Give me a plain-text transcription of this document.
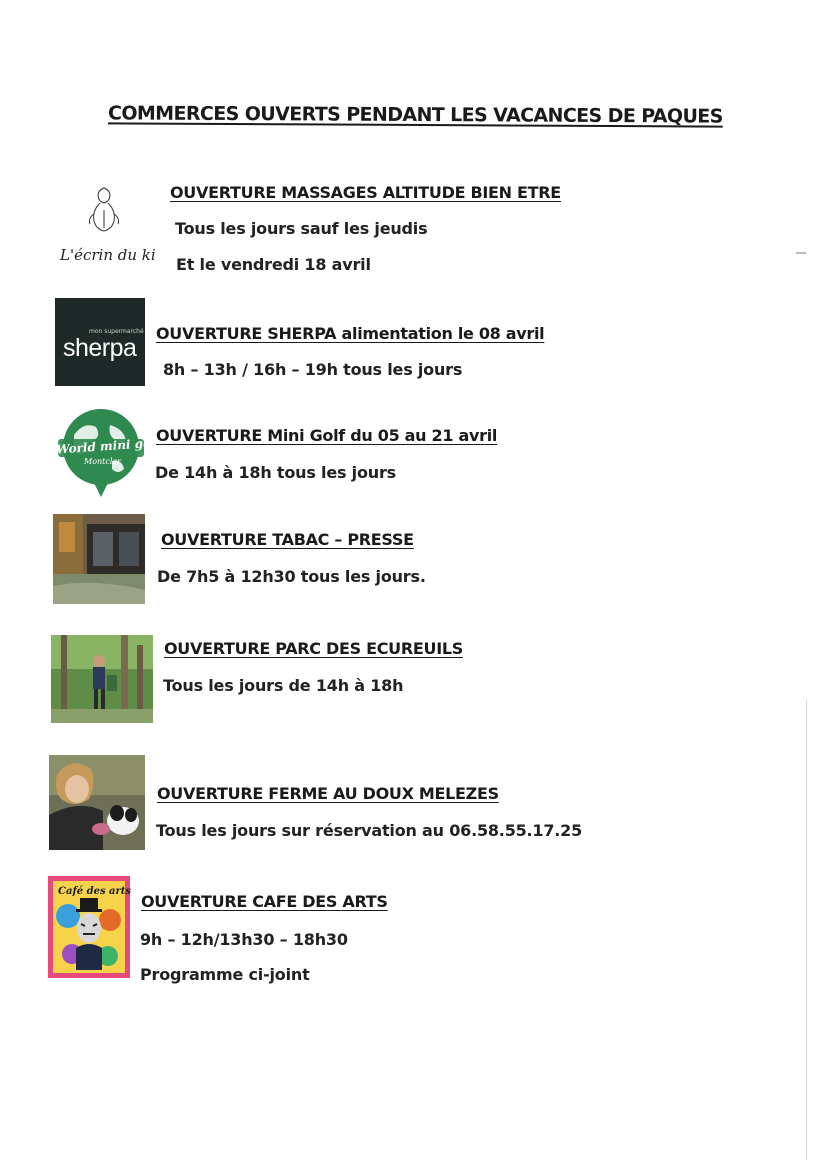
COMMERCES OUVERTS PENDANT LES VACANCES DE PAQUES
L'écrin du ki
OUVERTURE MASSAGES ALTITUDE BIEN ETRE
Tous les jours sauf les jeudis
Et le vendredi 18 avril
mon supermarché
sherpa
OUVERTURE SHERPA alimentation le 08 avril
8h – 13h / 16h – 19h tous les jours
World mini golf
Montclar
OUVERTURE Mini Golf du 05 au 21 avril
De 14h à 18h tous les jours
OUVERTURE TABAC – PRESSE
De 7h5 à 12h30 tous les jours.
OUVERTURE PARC DES ECUREUILS
Tous les jours de 14h à 18h
OUVERTURE FERME AU DOUX MELEZES
Tous les jours sur réservation au 06.58.55.17.25
Café des arts
OUVERTURE CAFE DES ARTS
9h – 12h/13h30 – 18h30
Programme ci-joint
